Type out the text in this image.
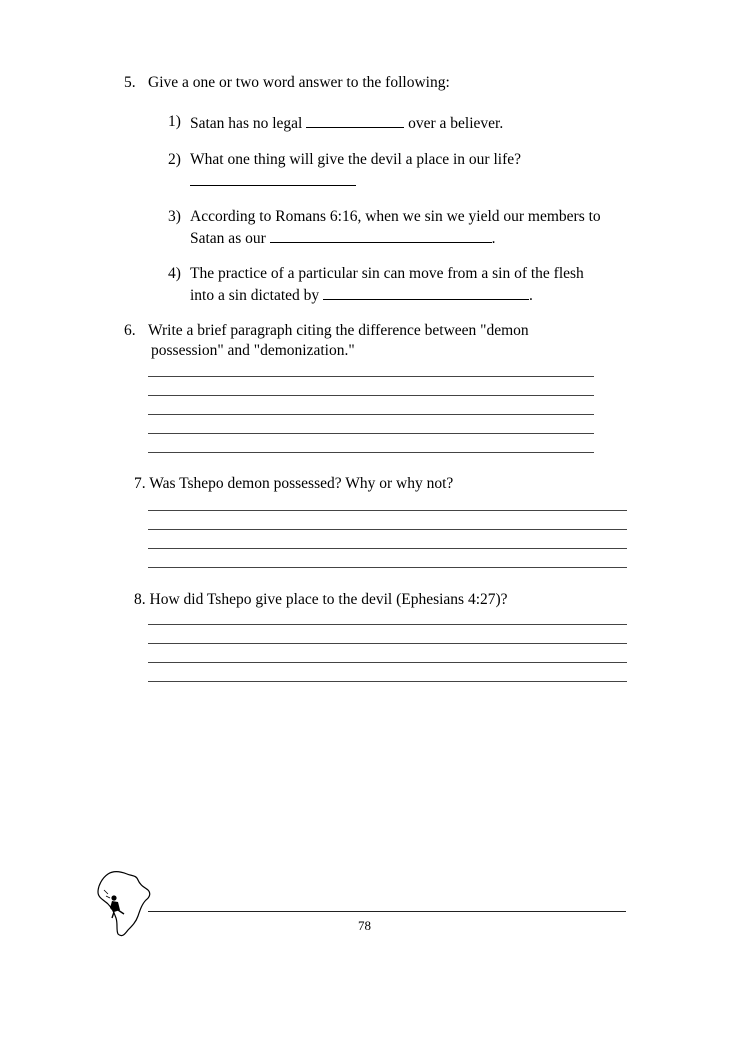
5. Give a one or two word answer to the following:
1) Satan has no legal	over a believer.
2) What one thing will give the devil a place in our life?
3) According to Romans 6:16, when we sin we yield our members to
Satan as our	.
4) The practice of a particular sin can move from a sin of the flesh
into a sin dictated by	.
6. Write a brief paragraph citing the difference between "demon
possession" and "demonization."
7. Was Tshepo demon possessed? Why or why not?
8. How did Tshepo give place to the devil (Ephesians 4:27)?
78
